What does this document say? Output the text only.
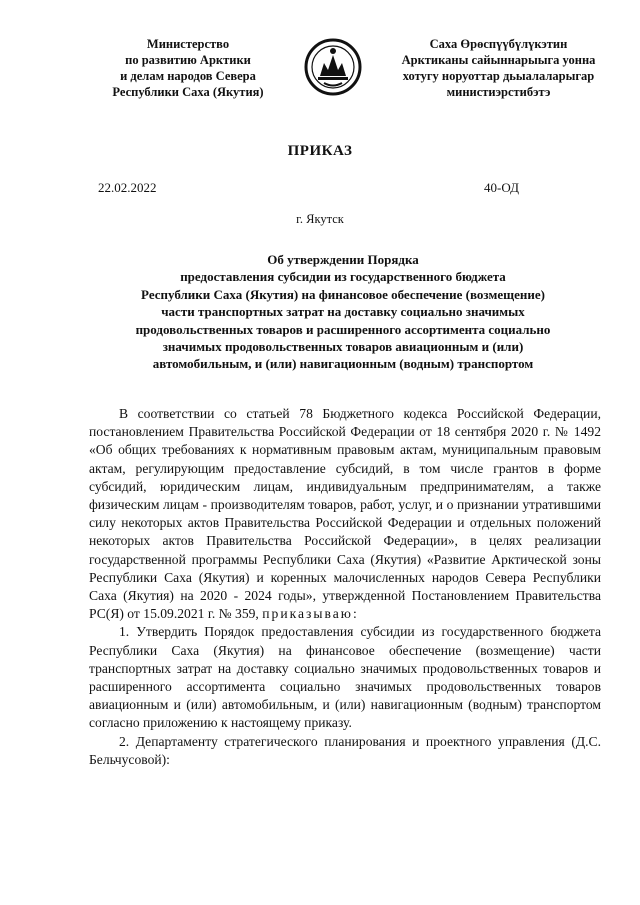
Министерство
по развитию Арктики
и делам народов Севера
Республики Саха (Якутия)
Саха Өрөспүүбүлүкэтин
Арктиканы сайыннарыыга уонна
хотугу норуоттар дьыалаларыгар
министиэрстибэтэ
ПРИКАЗ
22.02.2022	40-ОД
г. Якутск
Об утверждении Порядка
предоставления субсидии из государственного бюджета
Республики Саха (Якутия) на финансовое обеспечение (возмещение)
части транспортных затрат на доставку социально значимых
продовольственных товаров и расширенного ассортимента социально
значимых продовольственных товаров авиационным и (или)
автомобильным, и (или) навигационным (водным) транспортом

В соответствии со статьей 78 Бюджетного кодекса Российской Федерации, постановлением Правительства Российской Федерации от 18 сентября 2020 г. № 1492 «Об общих требованиях к нормативным правовым актам, муниципальным правовым актам, регулирующим предоставление субсидий, в том числе грантов в форме субсидий, юридическим лицам, индивидуальным предпринимателям, а также физическим лицам - производителям товаров, работ, услуг, и о признании утратившими силу некоторых актов Правительства Российской Федерации и отдельных положений некоторых актов Правительства Российской Федерации», в целях реализации государственной программы Республики Саха (Якутия) «Развитие Арктической зоны Республики Саха (Якутия) и коренных малочисленных народов Севера Республики Саха (Якутия) на 2020 - 2024 годы», утвержденной Постановлением Правительства РС(Я) от 15.09.2021 г. № 359, приказываю:

1. Утвердить Порядок предоставления субсидии из государственного бюджета Республики Саха (Якутия) на финансовое обеспечение (возмещение) части транспортных затрат на доставку социально значимых продовольственных товаров и расширенного ассортимента социально значимых продовольственных товаров авиационным и (или) автомобильным, и (или) навигационным (водным) транспортом согласно приложению к настоящему приказу.

2. Департаменту стратегического планирования и проектного управления (Д.С. Бельчусовой):
